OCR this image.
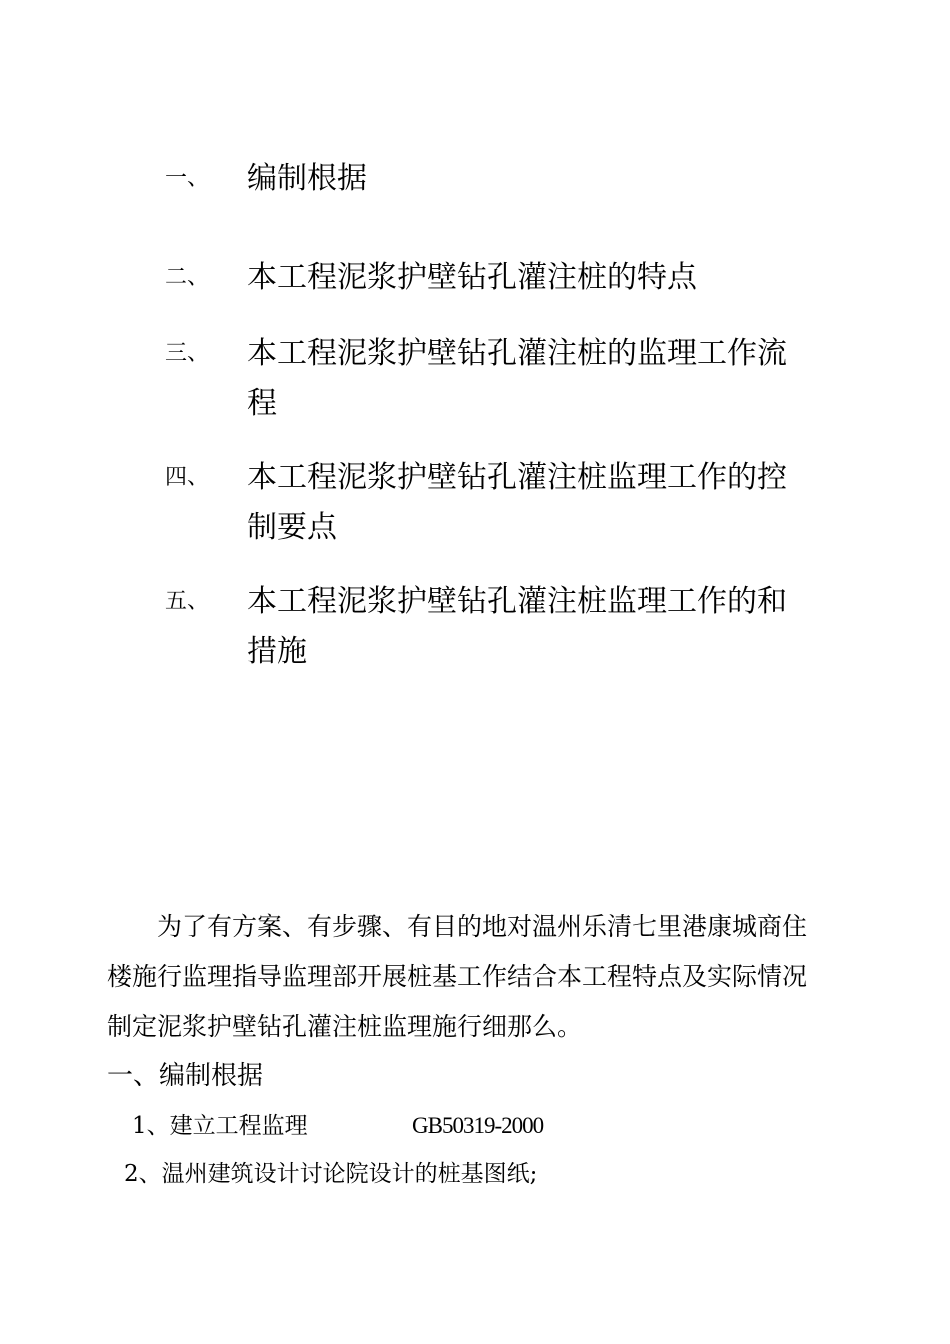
一、 编制根据
二、 本工程泥浆护壁钻孔灌注桩的特点
三、 本工程泥浆护壁钻孔灌注桩的监理工作流
程
四、 本工程泥浆护壁钻孔灌注桩监理工作的控
制要点
五、 本工程泥浆护壁钻孔灌注桩监理工作的和
措施
为了有方案、有步骤、有目的地对温州乐清七里港康城商住楼施行监理指导监理部开展桩基工作结合本工程特点及实际情况制定泥浆护壁钻孔灌注桩监理施行细那么。
一、编制根据
1、建立工程监理	GB50319-2000
2、温州建筑设计讨论院设计的桩基图纸;
